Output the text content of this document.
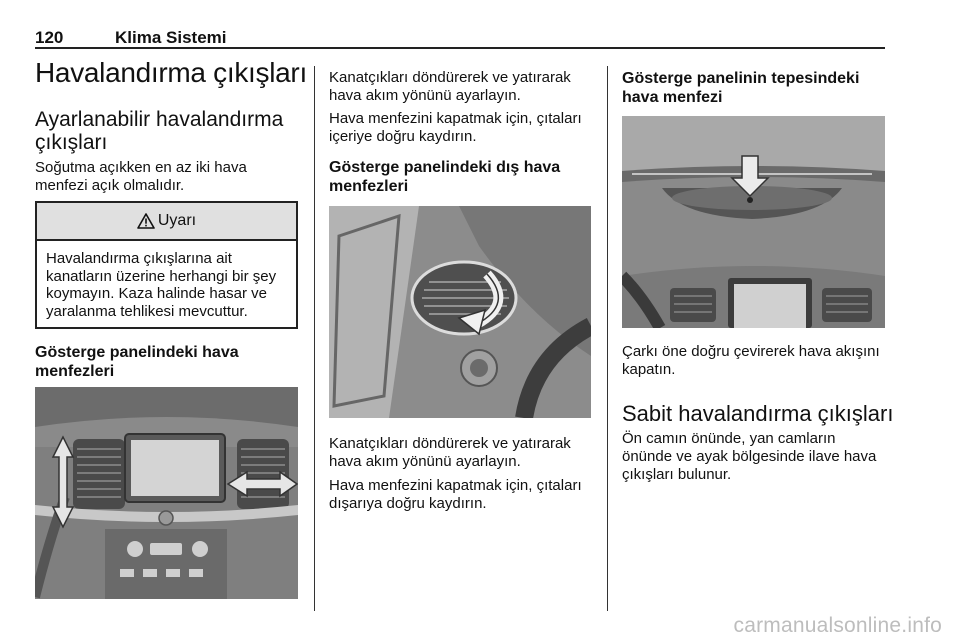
120	Klima Sistemi
Havalandırma çıkışları
Ayarlanabilir havalandırma çıkışları

Soğutma açıkken en az iki hava menfezi açık olmalıdır.

Uyarı
Havalandırma çıkışlarına ait kanatların üzerine herhangi bir şey koymayın. Kaza halinde hasar ve yaralanma tehlikesi mevcuttur.
Gösterge panelindeki hava menfezleri

Kanatçıkları döndürerek ve yatırarak hava akım yönünü ayarlayın.

Hava menfezini kapatmak için, çıtaları içeriye doğru kaydırın.

Gösterge panelindeki dış hava menfezleri

Kanatçıkları döndürerek ve yatırarak hava akım yönünü ayarlayın.

Hava menfezini kapatmak için, çıtaları dışarıya doğru kaydırın.

Gösterge panelinin tepesindeki hava menfezi

Çarkı öne doğru çevirerek hava akışını kapatın.

Sabit havalandırma çıkışları

Ön camın önünde, yan camların önünde ve ayak bölgesinde ilave hava çıkışları bulunur.

carmanualsonline.info
